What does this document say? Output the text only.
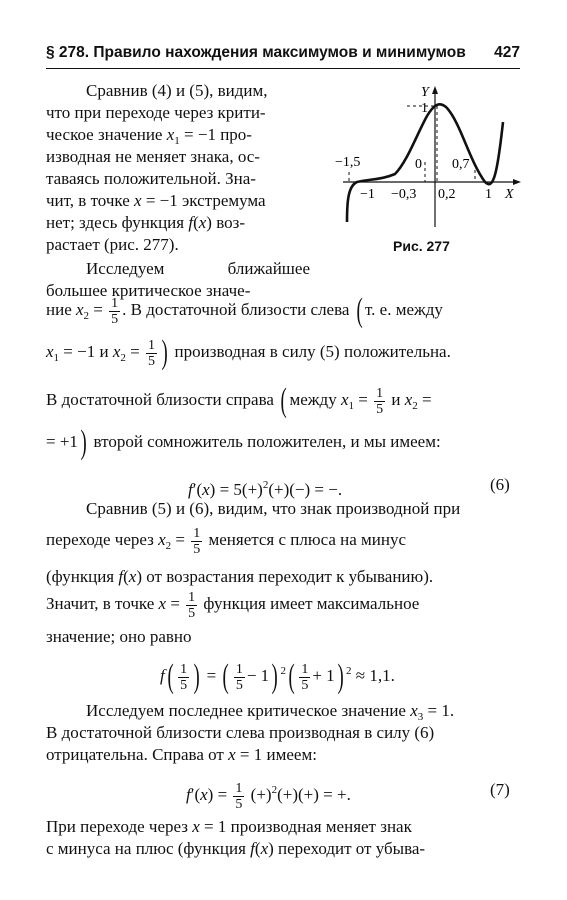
§ 278. Правило нахождения максимумов и минимумов 427
Y
1
−1,5	0 0,7
−1 −0,3 0,2 1 X
Рис. 277
Сравнив (4) и (5), видим,
что при переходе через крити-
ческое значение $x_1 = -1$ про-
изводная не меняет знака, ос-
таваясь положительной. Зна-
чит, в точке x = −1 экстремума
нет; здесь функция f(x) воз-
растает (рис. 277).
Исследуем	ближайшее
большее критическое значе-
ние $x_2 = \frac{1}{5}$ . В достаточной близости слева ( т. е. между
$x_1 = -1$ и $x_2 = \frac{1}{5}$ ) производная в силу (5) положительна.
В достаточной близости справа ( между $x_1 = \frac{1}{5}$ и $x_2$ =
= +1) второй сомножитель положителен, и мы имеем:
$f'(x) = 5(+)^2(+)(-)$ = −.	(6)
Сравнив (5) и (6), видим, что знак производной при
переходе через $x_2 = \frac{1}{5}$ меняется с плюса на минус
(функция f(x) от возрастания переходит к убыванию).
Значит, в точке $x = \frac{1}{5}$ функция имеет максимальное
значение; оно равно
$f( \frac{1}{5}$ ) = ( $\frac{1}{5} - 1$) $^2( \frac{1}{5} + 1)$ $^2$ ≈ 1,1.
Исследуем последнее критическое значение $x_3 = 1$.
В достаточной близости слева производная в силу (6)
отрицательна. Справа от x = 1 имеем:
$f'(x) = \frac{1}{5} (+)^2(+)(+)$ = +.	(7)
При переходе через x = 1 производная меняет знак
с минуса на плюс (функция f(x) переходит от убыва-
